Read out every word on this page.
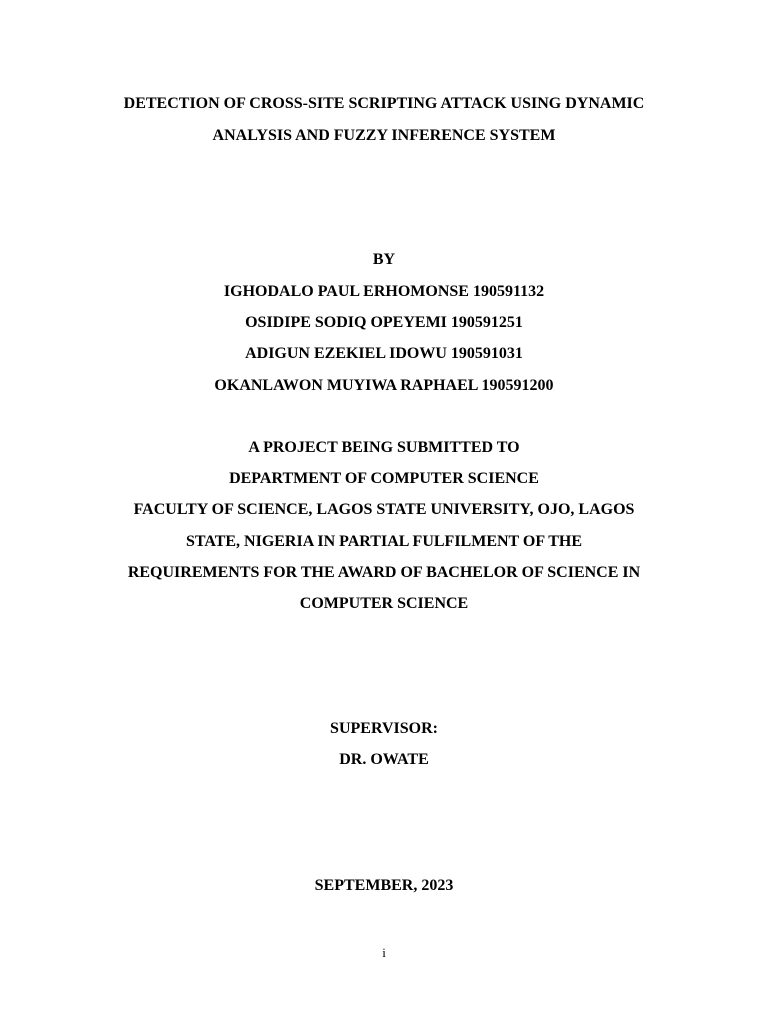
DETECTION OF CROSS-SITE SCRIPTING ATTACK USING DYNAMIC
ANALYSIS AND FUZZY INFERENCE SYSTEM
BY
IGHODALO PAUL ERHOMONSE 190591132
OSIDIPE SODIQ OPEYEMI 190591251
ADIGUN EZEKIEL IDOWU 190591031
OKANLAWON MUYIWA RAPHAEL 190591200
A PROJECT BEING SUBMITTED TO
DEPARTMENT OF COMPUTER SCIENCE
FACULTY OF SCIENCE, LAGOS STATE UNIVERSITY, OJO, LAGOS
STATE, NIGERIA IN PARTIAL FULFILMENT OF THE
REQUIREMENTS FOR THE AWARD OF BACHELOR OF SCIENCE IN
COMPUTER SCIENCE
SUPERVISOR:
DR. OWATE
SEPTEMBER, 2023
i
